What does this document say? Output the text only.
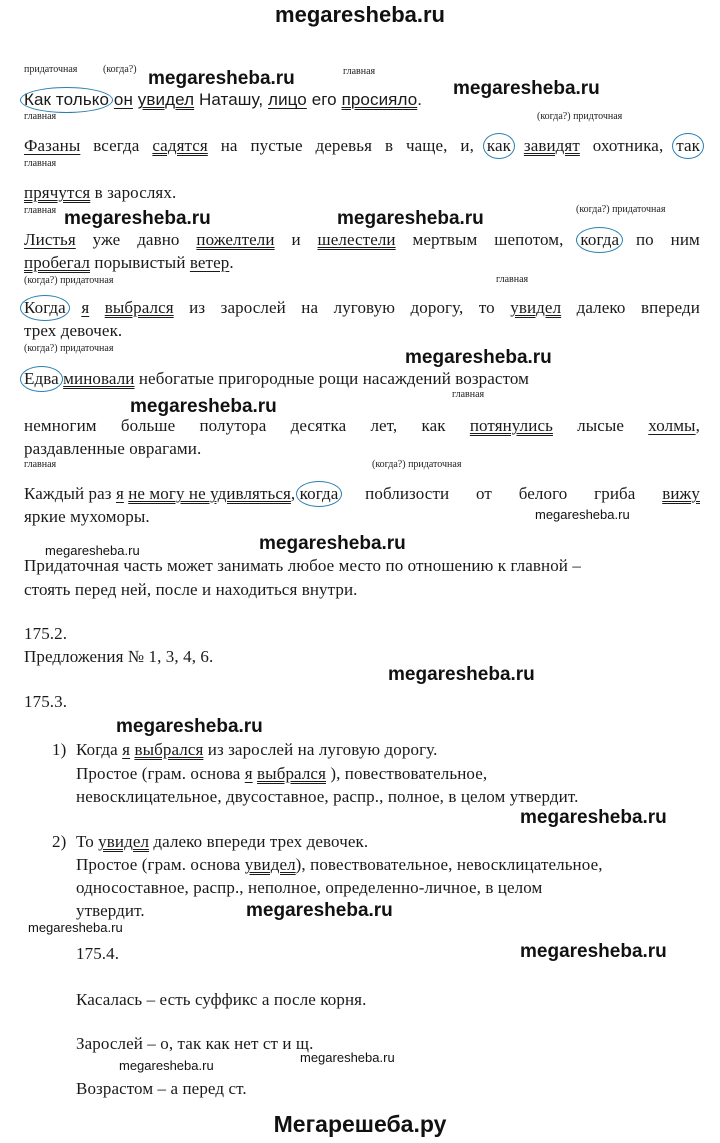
megaresheba.ru
придаточная	(когда?)	главная
megaresheba.ru	megaresheba.ru
Как только он увидел Наташу, лицо его просияло.
главная	(когда?) придточная
Фазаны всегда садятся на пустые деревья в чаще, и, как завидят охотника, так
главная
прячутся в зарослях.
главная	(когда?) придаточная
megaresheba.ru	megaresheba.ru
Листья уже давно пожелтели и шелестели мертвым шепотом, когда по ним
пробегал порывистый ветер.
(когда?) придаточная	главная
Когда я выбрался из зарослей на луговую дорогу, то увидел далеко впереди
трех девочек.
(когда?) придаточная	megaresheba.ru
Едва миновали небогатые пригородные рощи насаждений возрастом
главная
megaresheba.ru
немногим больше полутора десятка лет, как потянулись лысые холмы,
раздавленные оврагами.
главная	(когда?) придаточная
Каждый раз я не могу не удивляться, когда поблизости от белого гриба вижу
яркие мухоморы.	megaresheba.ru
megaresheba.ru	megaresheba.ru
Придаточная часть может занимать любое место по отношению к главной –
стоять перед ней, после и находиться внутри.
175.2.
Предложения № 1, 3, 4, 6.
megaresheba.ru
175.3.
megaresheba.ru
1) Когда я выбрался из зарослей на луговую дорогу.
Простое (грам. основа я выбрался ), повествовательное,
невосклицательное, двусоставное, распр., полное, в целом утвердит.
megaresheba.ru
2) То увидел далеко впереди трех девочек.
Простое (грам. основа увидел), повествовательное, невосклицательное,
односоставное, распр., неполное, определенно-личное, в целом
утвердит.	megaresheba.ru
megaresheba.ru
175.4.	megaresheba.ru
Касалась – есть суффикс а после корня.
Зарослей – о, так как нет ст и щ.
megaresheba.ru
megaresheba.ru
Возрастом – а перед ст.
Мегарешеба.ру
